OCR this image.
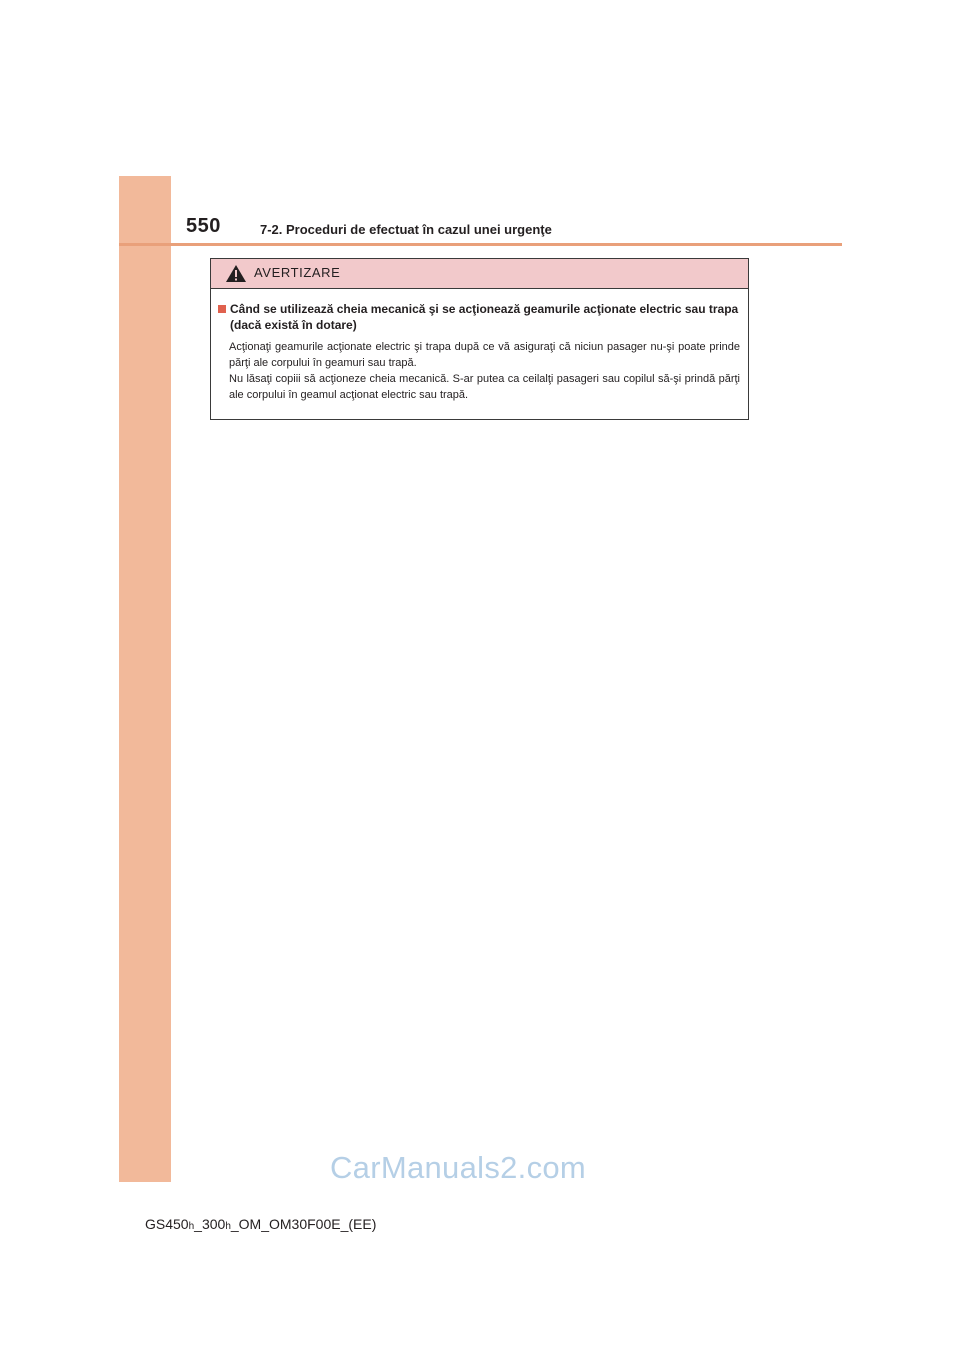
550	7-2. Proceduri de efectuat în cazul unei urgenţe
AVERTIZARE
Când se utilizează cheia mecanică şi se acţionează geamurile acţionate electric sau trapa (dacă există în dotare)

Acţionaţi geamurile acţionate electric şi trapa după ce vă asiguraţi că niciun pasager nu-şi poate prinde părţi ale corpului în geamuri sau trapă.

Nu lăsaţi copiii să acţioneze cheia mecanică. S-ar putea ca ceilalţi pasageri sau copilul să-şi prindă părţi ale corpului în geamul acţionat electric sau trapă.

CarManuals2.com
GS450h_300h_OM_OM30F00E_(EE)
